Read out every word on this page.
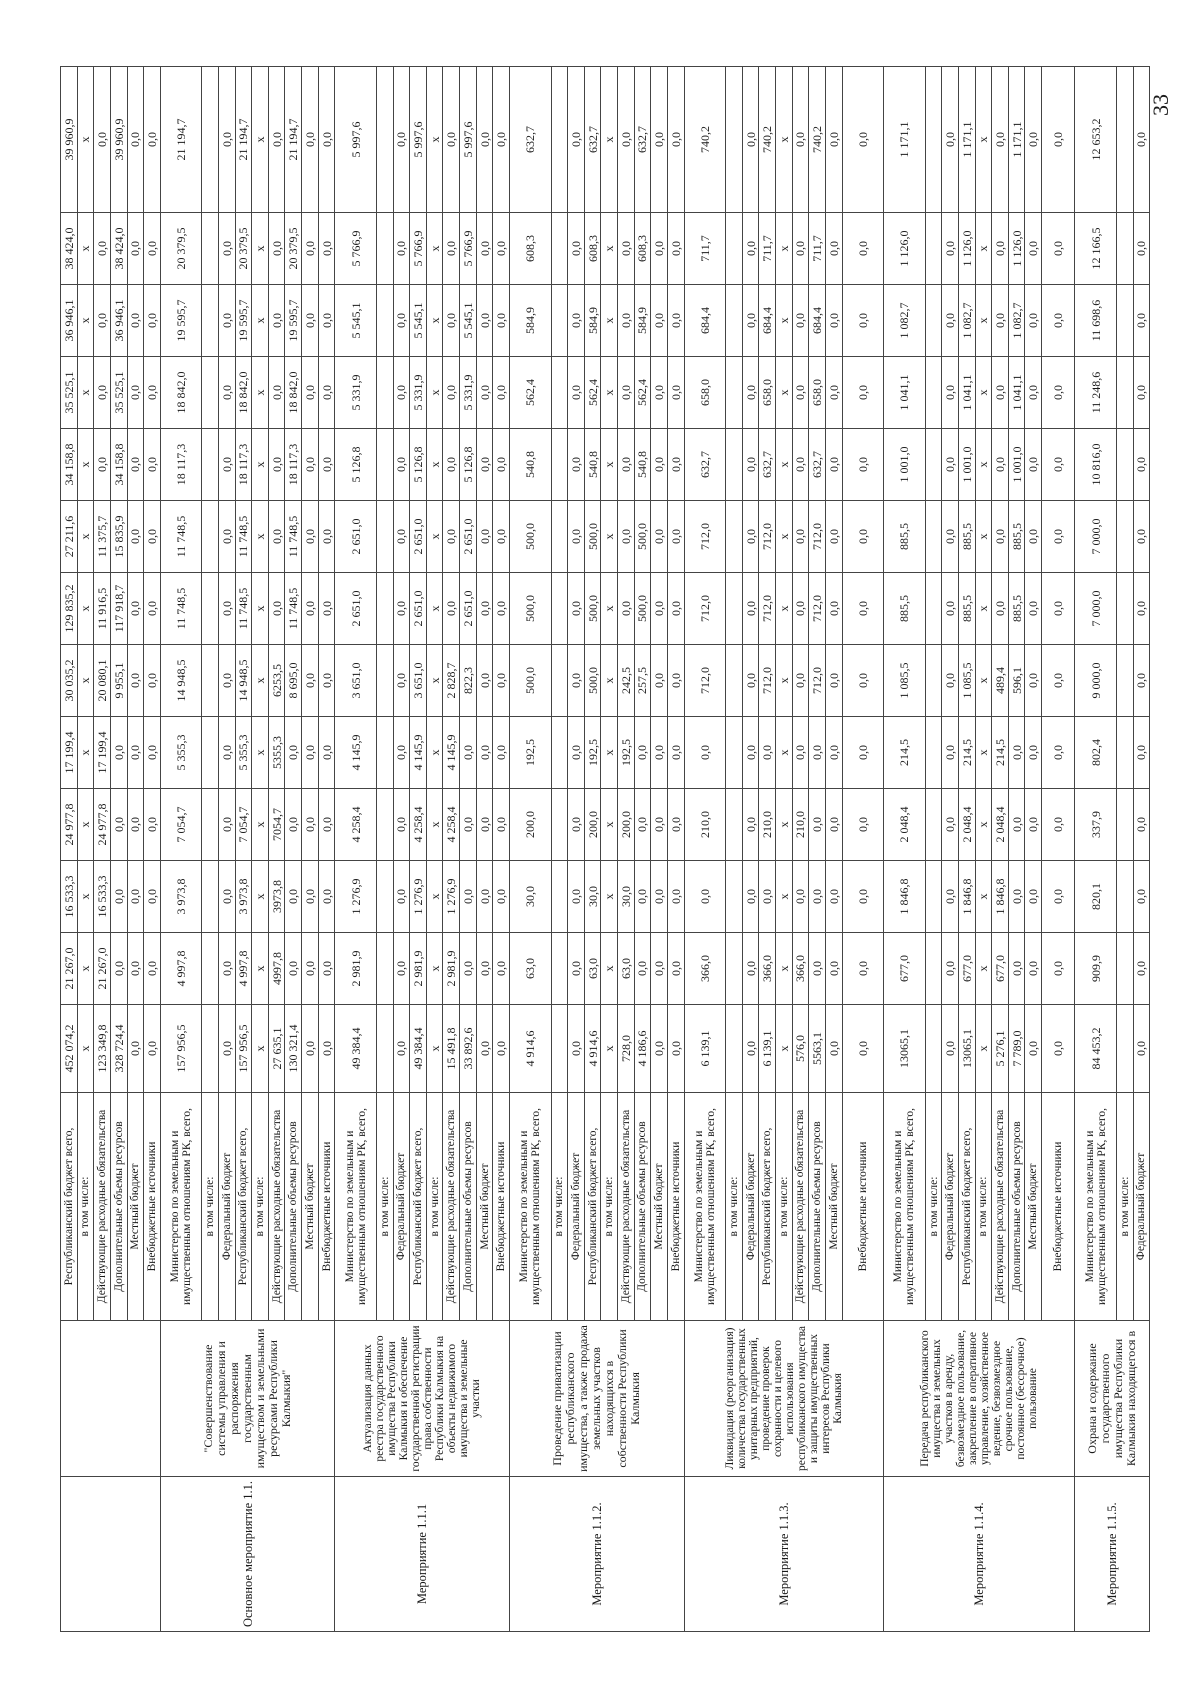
		Республиканский бюджет всего,	452 074,2	21 267,0	16 533,3	24 977,8	17 199,4	30 035,2	129 835,2	27 211,6	34 158,8	35 525,1	36 946,1	38 424,0	39 960,9
		в том числе:	x	x	x	x	x	x	x	x	x	x	x	x	x
		Действующие расходные обязательства	123 349,8	21 267,0	16 533,3	24 977,8	17 199,4	20 080,1	11 916,5	11 375,7	0,0	0,0	0,0	0,0	0,0
		Дополнительные объемы ресурсов	328 724,4	0,0	0,0	0,0	0,0	9 955,1	117 918,7	15 835,9	34 158,8	35 525,1	36 946,1	38 424,0	39 960,9
		Местный бюджет	0,0	0,0	0,0	0,0	0,0	0,0	0,0	0,0	0,0	0,0	0,0	0,0	0,0
		Внебюджетные источники	0,0	0,0	0,0	0,0	0,0	0,0	0,0	0,0	0,0	0,0	0,0	0,0	0,0
Основное мероприятие 1.1.	"Совершенствование системы управления и распоряжения государственным имуществом и земельными ресурсами Республики Калмыкия"	Министерство по земельным и имущественным отношениям РК, всего,	157 956,5	4 997,8	3 973,8	7 054,7	5 355,3	14 948,5	11 748,5	11 748,5	18 117,3	18 842,0	19 595,7	20 379,5	21 194,7
		в том числе:													
		Федеральный бюджет	0,0	0,0	0,0	0,0	0,0	0,0	0,0	0,0	0,0	0,0	0,0	0,0	0,0
		Республиканский бюджет всего,	157 956,5	4 997,8	3 973,8	7 054,7	5 355,3	14 948,5	11 748,5	11 748,5	18 117,3	18 842,0	19 595,7	20 379,5	21 194,7
		в том числе:	x	x	x	x	x	x	x	x	x	x	x	x	x
		Действующие расходные обязательства	27 635,1	4997,8	3973,8	7054,7	5355,3	6253,5	0,0	0,0	0,0	0,0	0,0	0,0	0,0
		Дополнительные объемы ресурсов	130 321,4	0,0	0,0	0,0	0,0	8 695,0	11 748,5	11 748,5	18 117,3	18 842,0	19 595,7	20 379,5	21 194,7
		Местный бюджет	0,0	0,0	0,0	0,0	0,0	0,0	0,0	0,0	0,0	0,0	0,0	0,0	0,0
		Внебюджетные источники	0,0	0,0	0,0	0,0	0,0	0,0	0,0	0,0	0,0	0,0	0,0	0,0	0,0
Мероприятие 1.1.1	Актуализация данных реестра государственного имущества Республики Калмыкия и обеспечение государственной регистрации права собственности Республики Калмыкия на объекты недвижимого имущества и земельные участки	Министерство по земельным и имущественным отношениям РК, всего,	49 384,4	2 981,9	1 276,9	4 258,4	4 145,9	3 651,0	2 651,0	2 651,0	5 126,8	5 331,9	5 545,1	5 766,9	5 997,6
		в том числе:													
		Федеральный бюджет	0,0	0,0	0,0	0,0	0,0	0,0	0,0	0,0	0,0	0,0	0,0	0,0	0,0
		Республиканский бюджет всего,	49 384,4	2 981,9	1 276,9	4 258,4	4 145,9	3 651,0	2 651,0	2 651,0	5 126,8	5 331,9	5 545,1	5 766,9	5 997,6
		в том числе:	x	x	x	x	x	x	x	x	x	x	x	x	x
		Действующие расходные обязательства	15 491,8	2 981,9	1 276,9	4 258,4	4 145,9	2 828,7	0,0	0,0	0,0	0,0	0,0	0,0	0,0
		Дополнительные объемы ресурсов	33 892,6	0,0	0,0	0,0	0,0	822,3	2 651,0	2 651,0	5 126,8	5 331,9	5 545,1	5 766,9	5 997,6
		Местный бюджет	0,0	0,0	0,0	0,0	0,0	0,0	0,0	0,0	0,0	0,0	0,0	0,0	0,0
		Внебюджетные источники	0,0	0,0	0,0	0,0	0,0	0,0	0,0	0,0	0,0	0,0	0,0	0,0	0,0
Мероприятие 1.1.2.	Проведение приватизации республиканского имущества, а также продажа земельных участков находящихся в собственности Республики Калмыкия	Министерство по земельным и имущественным отношениям РК, всего,	4 914,6	63,0	30,0	200,0	192,5	500,0	500,0	500,0	540,8	562,4	584,9	608,3	632,7
		в том числе:													
		Федеральный бюджет	0,0	0,0	0,0	0,0	0,0	0,0	0,0	0,0	0,0	0,0	0,0	0,0	0,0
		Республиканский бюджет всего,	4 914,6	63,0	30,0	200,0	192,5	500,0	500,0	500,0	540,8	562,4	584,9	608,3	632,7
		в том числе:	x	x	x	x	x	x	x	x	x	x	x	x	x
		Действующие расходные обязательства	728,0	63,0	30,0	200,0	192,5	242,5	0,0	0,0	0,0	0,0	0,0	0,0	0,0
		Дополнительные объемы ресурсов	4 186,6	0,0	0,0	0,0	0,0	257,5	500,0	500,0	540,8	562,4	584,9	608,3	632,7
		Местный бюджет	0,0	0,0	0,0	0,0	0,0	0,0	0,0	0,0	0,0	0,0	0,0	0,0	0,0
		Внебюджетные источники	0,0	0,0	0,0	0,0	0,0	0,0	0,0	0,0	0,0	0,0	0,0	0,0	0,0
Мероприятие 1.1.3.	Ликвидация (реорганизация) количества государственных унитарных предприятий, проведение проверок сохранности и целевого использования республиканского имущества и защиты имущественных интересов Республики Калмыкия	Министерство по земельным и имущественным отношениям РК, всего,	6 139,1	366,0	0,0	210,0	0,0	712,0	712,0	712,0	632,7	658,0	684,4	711,7	740,2
		в том числе:													
		Федеральный бюджет	0,0	0,0	0,0	0,0	0,0	0,0	0,0	0,0	0,0	0,0	0,0	0,0	0,0
		Республиканский бюджет всего,	6 139,1	366,0	0,0	210,0	0,0	712,0	712,0	712,0	632,7	658,0	684,4	711,7	740,2
		в том числе:	x	x	x	x	x	x	x	x	x	x	x	x	x
		Действующие расходные обязательства	576,0	366,0	0,0	210,0	0,0	0,0	0,0	0,0	0,0	0,0	0,0	0,0	0,0
		Дополнительные объемы ресурсов	5563,1	0,0	0,0	0,0	0,0	712,0	712,0	712,0	632,7	658,0	684,4	711,7	740,2
		Местный бюджет	0,0	0,0	0,0	0,0	0,0	0,0	0,0	0,0	0,0	0,0	0,0	0,0	0,0
		Внебюджетные источники	0,0	0,0	0,0	0,0	0,0	0,0	0,0	0,0	0,0	0,0	0,0	0,0	0,0
Мероприятие 1.1.4.	Передача республиканского имущества и земельных участков в аренду, безвозмездное пользование, закрепление в оперативное управление, хозяйственное ведение, безвозмездное срочное пользование, постоянное (бессрочное) пользование	Министерство по земельным и имущественным отношениям РК, всего,	13065,1	677,0	1 846,8	2 048,4	214,5	1 085,5	885,5	885,5	1 001,0	1 041,1	1 082,7	1 126,0	1 171,1
		в том числе:													
		Федеральный бюджет	0,0	0,0	0,0	0,0	0,0	0,0	0,0	0,0	0,0	0,0	0,0	0,0	0,0
		Республиканский бюджет всего,	13065,1	677,0	1 846,8	2 048,4	214,5	1 085,5	885,5	885,5	1 001,0	1 041,1	1 082,7	1 126,0	1 171,1
		в том числе:	x	x	x	x	x	x	x	x	x	x	x	x	x
		Действующие расходные обязательства	5 276,1	677,0	1 846,8	2 048,4	214,5	489,4	0,0	0,0	0,0	0,0	0,0	0,0	0,0
		Дополнительные объемы ресурсов	7 789,0	0,0	0,0	0,0	0,0	596,1	885,5	885,5	1 001,0	1 041,1	1 082,7	1 126,0	1 171,1
		Местный бюджет	0,0	0,0	0,0	0,0	0,0	0,0	0,0	0,0	0,0	0,0	0,0	0,0	0,0
		Внебюджетные источники	0,0	0,0	0,0	0,0	0,0	0,0	0,0	0,0	0,0	0,0	0,0	0,0	0,0
Мероприятие 1.1.5.	Охрана и содержание государственного имущества Республики Калмыкия находящегося в	Министерство по земельным и имущественным отношениям РК, всего,	84 453,2	909,9	820,1	337,9	802,4	9 000,0	7 000,0	7 000,0	10 816,0	11 248,6	11 698,6	12 166,5	12 653,2
		в том числе:													
		Федеральный бюджет	0,0	0,0	0,0	0,0	0,0	0,0	0,0	0,0	0,0	0,0	0,0	0,0	0,0
33
